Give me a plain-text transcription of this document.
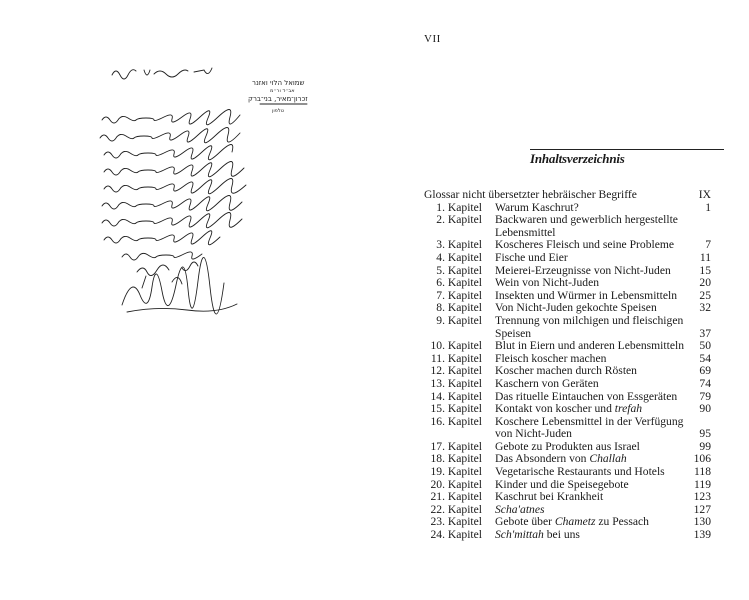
שמואל הלוי ואזנר
אב״ד ור״מ
זכרון־מאיר, בני־ברק
טלפון
VII
Inhaltsverzeichnis
Glossar nicht übersetzter hebräischer Begriffe	IX

1. Kapitel Warum Kaschrut?	1
2. Kapitel Backwaren und gewerblich hergestellte Lebensmittel
3. Kapitel Koscheres Fleisch und seine Probleme	7
4. Kapitel Fische und Eier	11
5. Kapitel Meierei-Erzeugnisse von Nicht-Juden	15
6. Kapitel Wein von Nicht-Juden	20
7. Kapitel Insekten und Würmer in Lebensmitteln	25
8. Kapitel Von Nicht-Juden gekochte Speisen	32
9. Kapitel Trennung von milchigen und fleischigen Speisen	37
10. Kapitel Blut in Eiern und anderen Lebensmitteln 50
11. Kapitel Fleisch koscher machen	54
12. Kapitel Koscher machen durch Rösten	69
13. Kapitel Kaschern von Geräten	74
14. Kapitel Das rituelle Eintauchen von Essgeräten	79
15. Kapitel Kontakt von koscher und trefah	90
16. Kapitel Koschere Lebensmittel in der Verfügung von Nicht-Juden	95
17. Kapitel Gebote zu Produkten aus Israel	99
18. Kapitel Das Absondern von Challah	106
19. Kapitel Vegetarische Restaurants und Hotels	118
20. Kapitel Kinder und die Speisegebote	119
21. Kapitel Kaschrut bei Krankheit	123
22. Kapitel Scha'atnes	127
23. Kapitel Gebote über Chametz zu Pessach	130
24. Kapitel Sch'mittah bei uns	139
